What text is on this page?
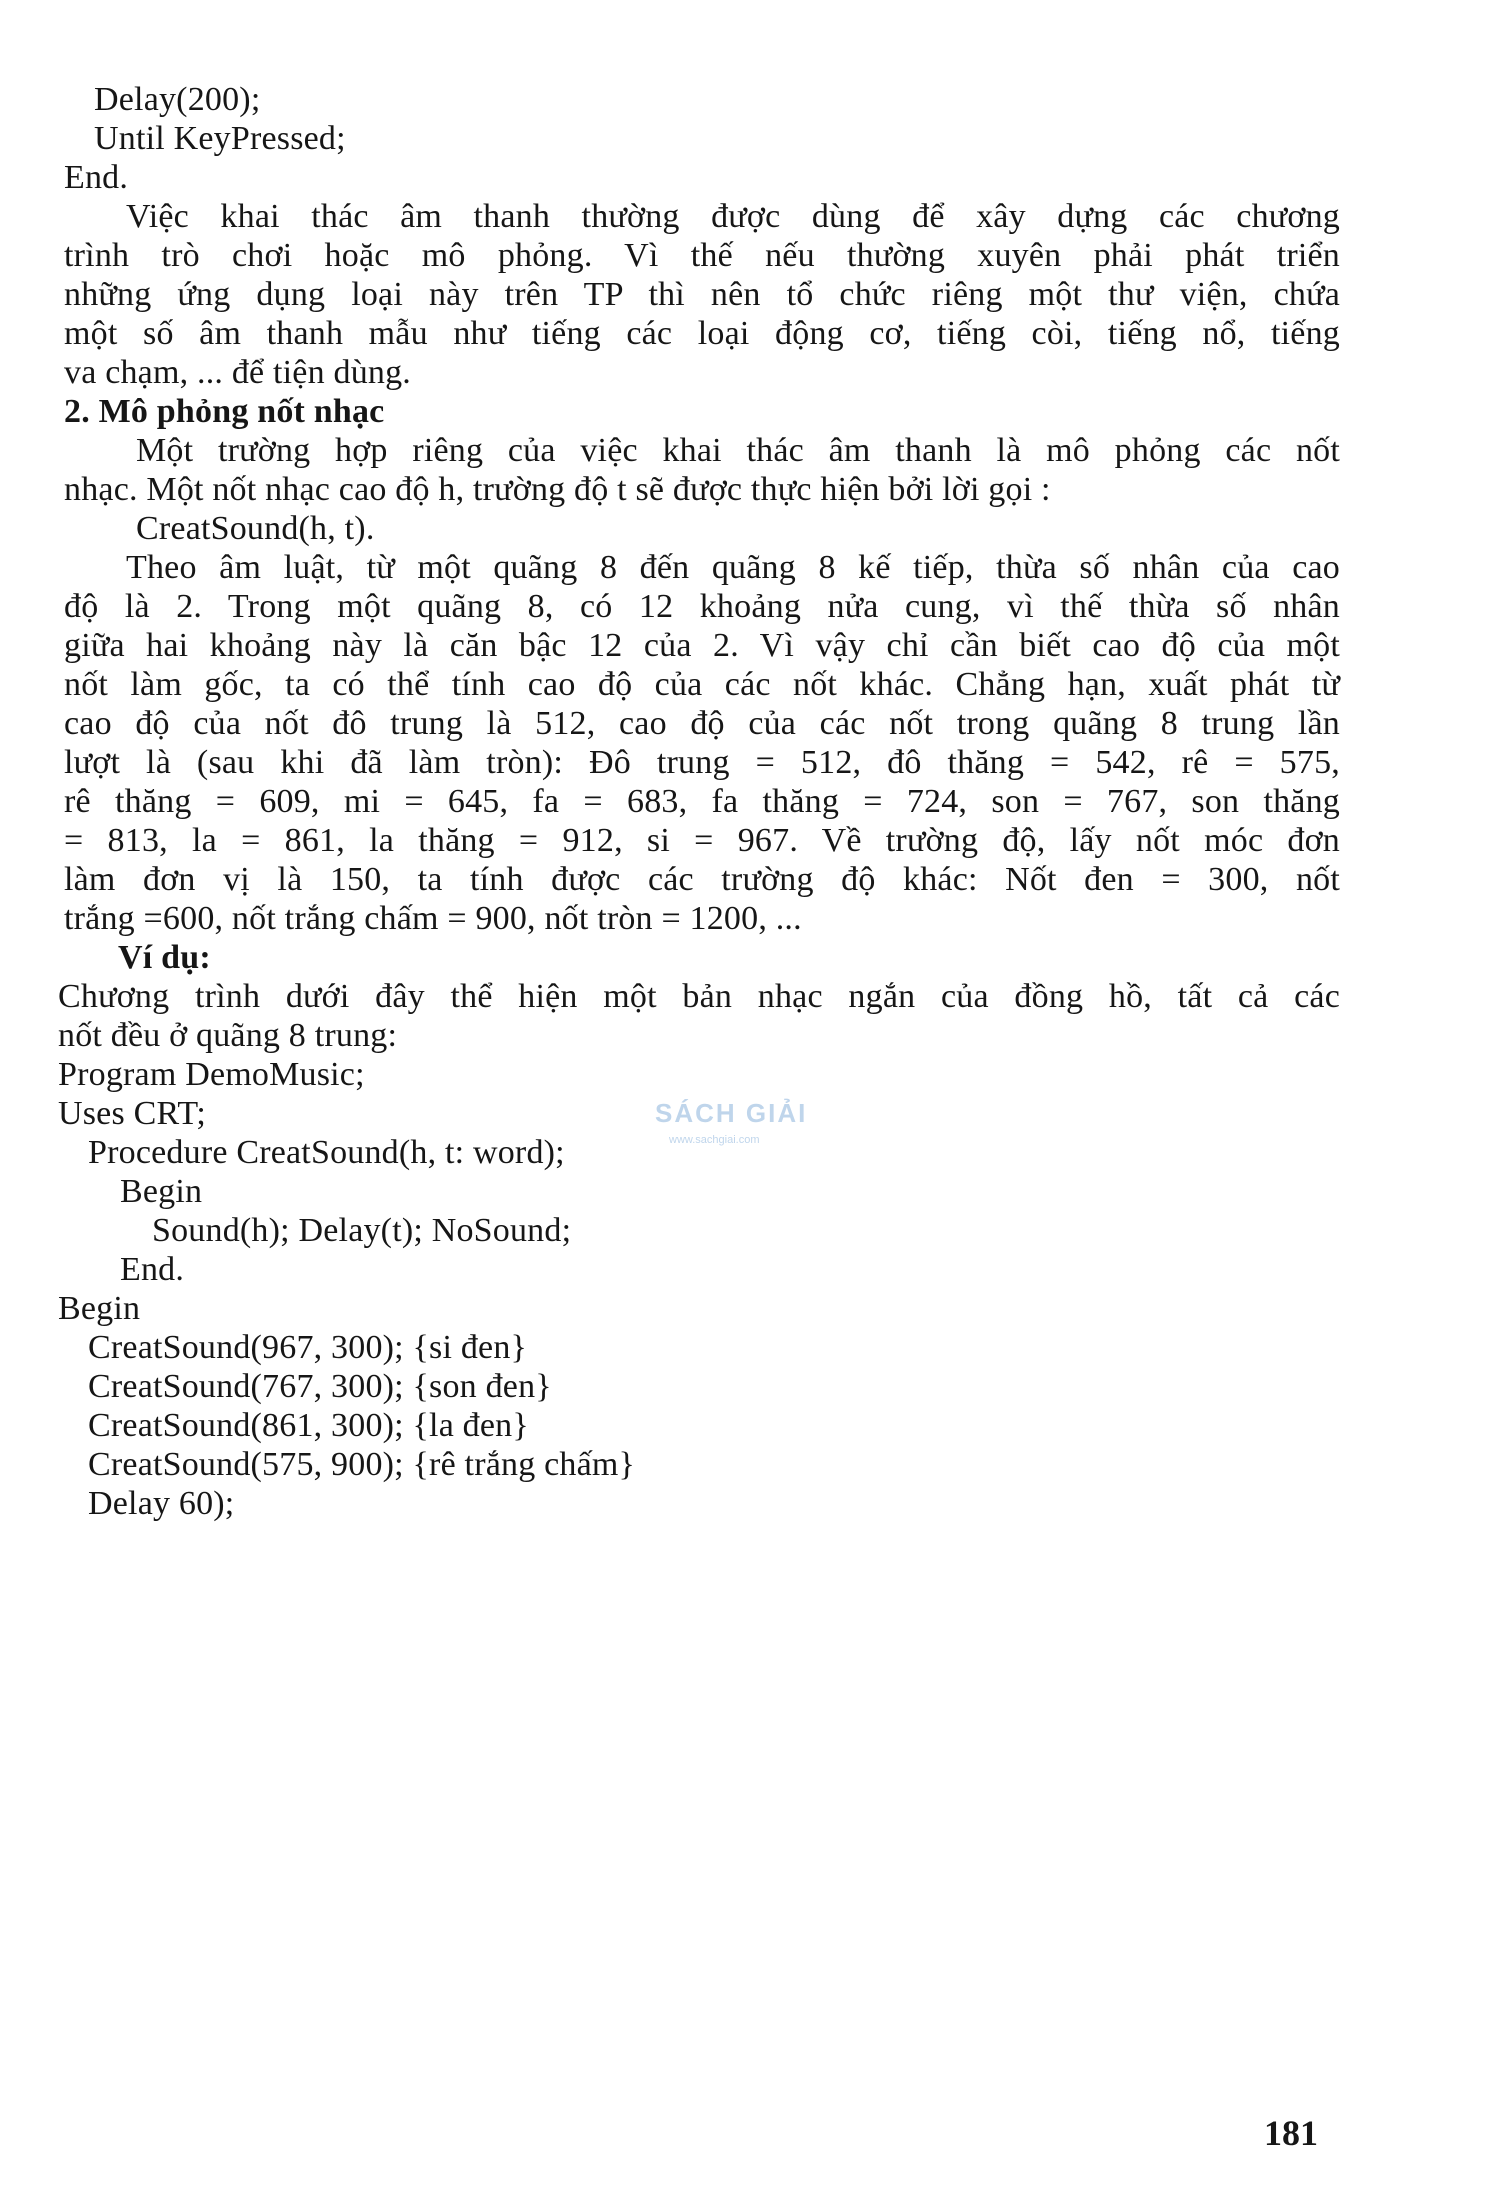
Delay(200);
Until KeyPressed;
End.
Việc khai thác âm thanh thường được dùng để xây dựng các chương
trình trò chơi hoặc mô phỏng. Vì thế nếu thường xuyên phải phát triển
những ứng dụng loại này trên TP thì nên tổ chức riêng một thư viện, chứa
một số âm thanh mẫu như tiếng các loại động cơ, tiếng còi, tiếng nổ, tiếng
va chạm, ... để tiện dùng.
2. Mô phỏng nốt nhạc
Một trường hợp riêng của việc khai thác âm thanh là mô phỏng các nốt
nhạc. Một nốt nhạc cao độ h, trường độ t sẽ được thực hiện bởi lời gọi :
CreatSound(h, t).
Theo âm luật, từ một quãng 8 đến quãng 8 kế tiếp, thừa số nhân của cao
độ là 2. Trong một quãng 8, có 12 khoảng nửa cung, vì thế thừa số nhân
giữa hai khoảng này là căn bậc 12 của 2. Vì vậy chỉ cần biết cao độ của một
nốt làm gốc, ta có thể tính cao độ của các nốt khác. Chẳng hạn, xuất phát từ
cao độ của nốt đô trung là 512, cao độ của các nốt trong quãng 8 trung lần
lượt là (sau khi đã làm tròn): Đô trung = 512, đô thăng = 542, rê = 575,
rê thăng = 609, mi = 645, fa = 683, fa thăng = 724, son = 767, son thăng
= 813, la = 861, la thăng = 912, si = 967. Về trường độ, lấy nốt móc đơn
làm đơn vị là 150, ta tính được các trường độ khác: Nốt đen = 300, nốt
trắng =600, nốt trắng chấm = 900, nốt tròn = 1200, ...
Ví dụ:
Chương trình dưới đây thể hiện một bản nhạc ngắn của đồng hồ, tất cả các
nốt đều ở quãng 8 trung:
Program DemoMusic;
Uses CRT;
Procedure CreatSound(h, t: word);
Begin
Sound(h); Delay(t); NoSound;
End.
Begin
CreatSound(967, 300); {si đen}
CreatSound(767, 300); {son đen}
CreatSound(861, 300); {la đen}
CreatSound(575, 900); {rê trắng chấm}
Delay 60);
SÁCH GIẢI
www.sachgiai.com
181
